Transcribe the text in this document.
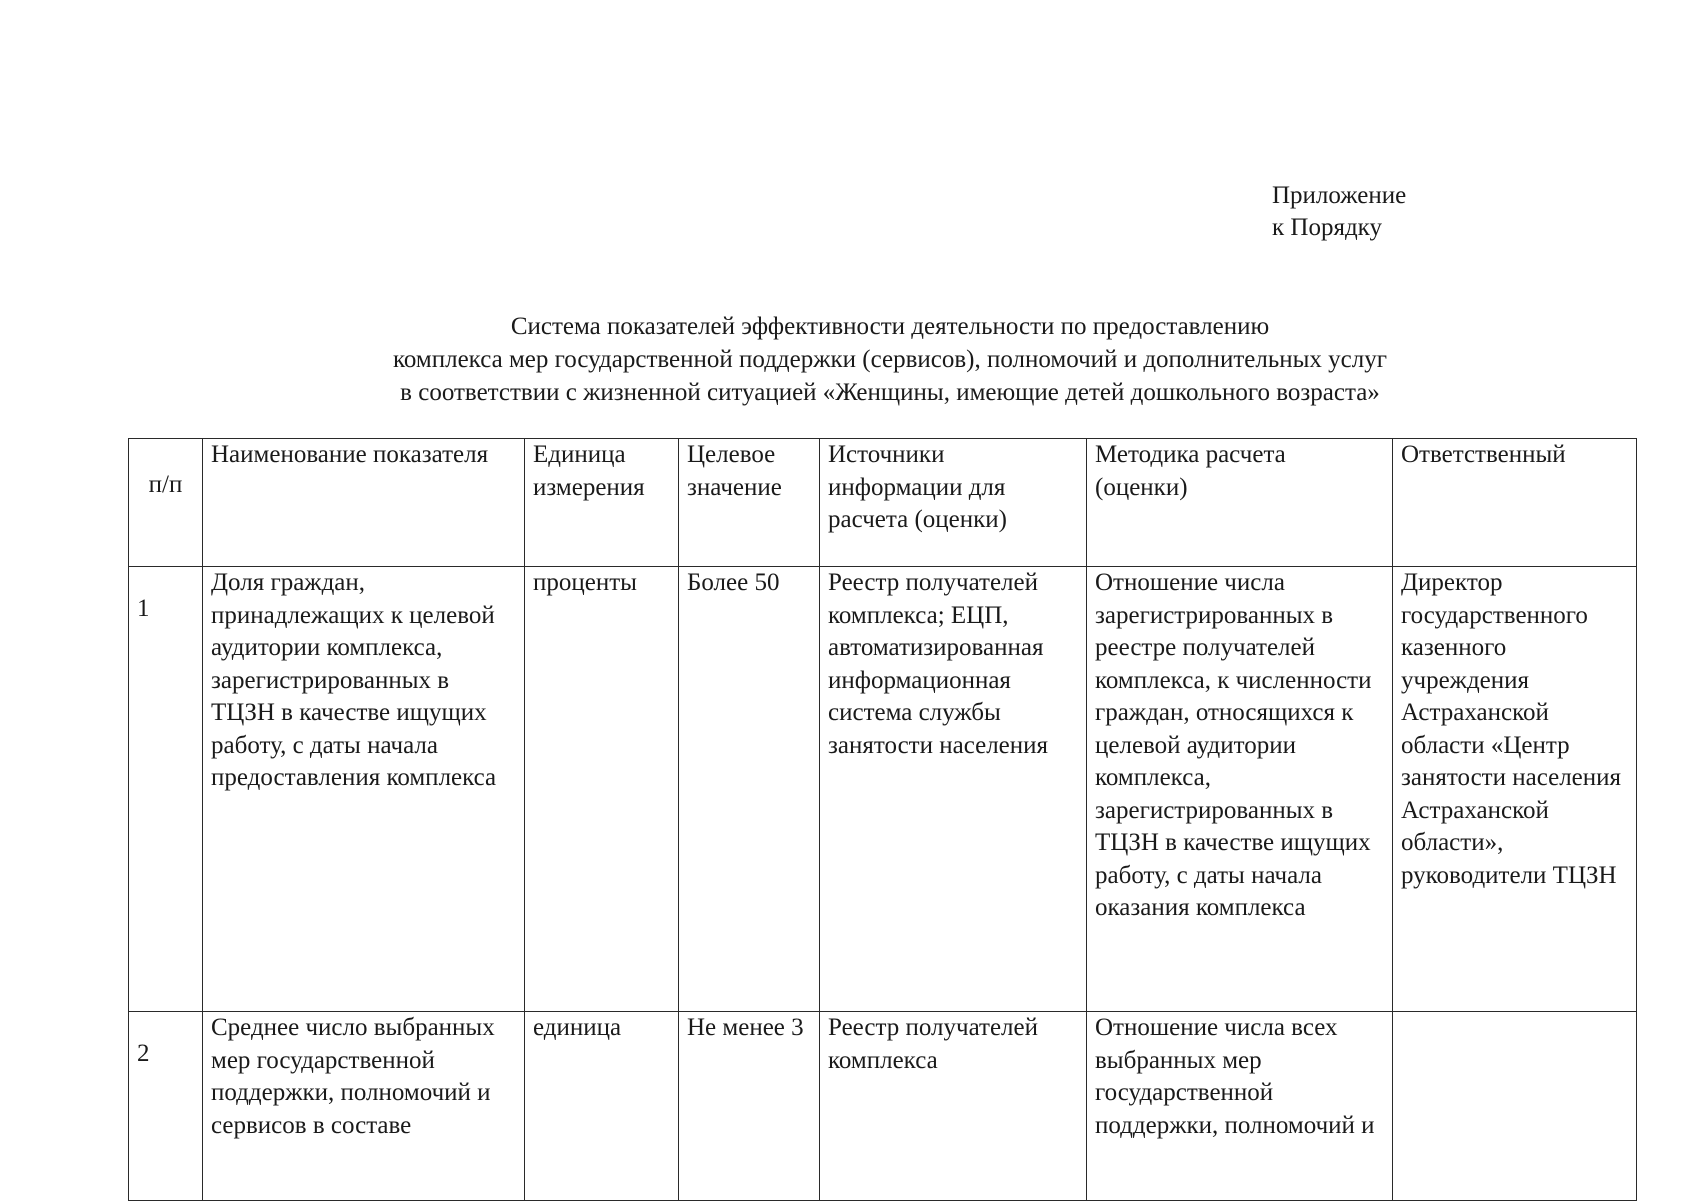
Приложение
к Порядку
Система показателей эффективности деятельности по предоставлению
комплекса мер государственной поддержки (сервисов), полномочий и дополнительных услуг
в соответствии с жизненной ситуацией «Женщины, имеющие детей дошкольного возраста»
п/п	Наименование показателя	Единица измерения	Целевое значение	Источники информации для расчета (оценки)	Методика расчета (оценки)	Ответственный
1	Доля граждан, принадлежащих к целевой аудитории комплекса, зарегистрированных в ТЦЗН в качестве ищущих работу, с даты начала предоставления комплекса	проценты	Более 50	Реестр получателей комплекса; ЕЦП, автоматизированная информационная система службы занятости населения	Отношение числа зарегистрированных в реестре получателей комплекса, к численности граждан, относящихся к целевой аудитории комплекса, зарегистрированных в ТЦЗН в качестве ищущих работу, с даты начала оказания комплекса	Директор государственного казенного учреждения Астраханской области «Центр занятости населения Астраханской области», руководители ТЦЗН
2	Среднее число выбранных мер государственной поддержки, полномочий и сервисов в составе	единица	Не менее 3	Реестр получателей комплекса	Отношение числа всех выбранных мер государственной поддержки, полномочий и	
